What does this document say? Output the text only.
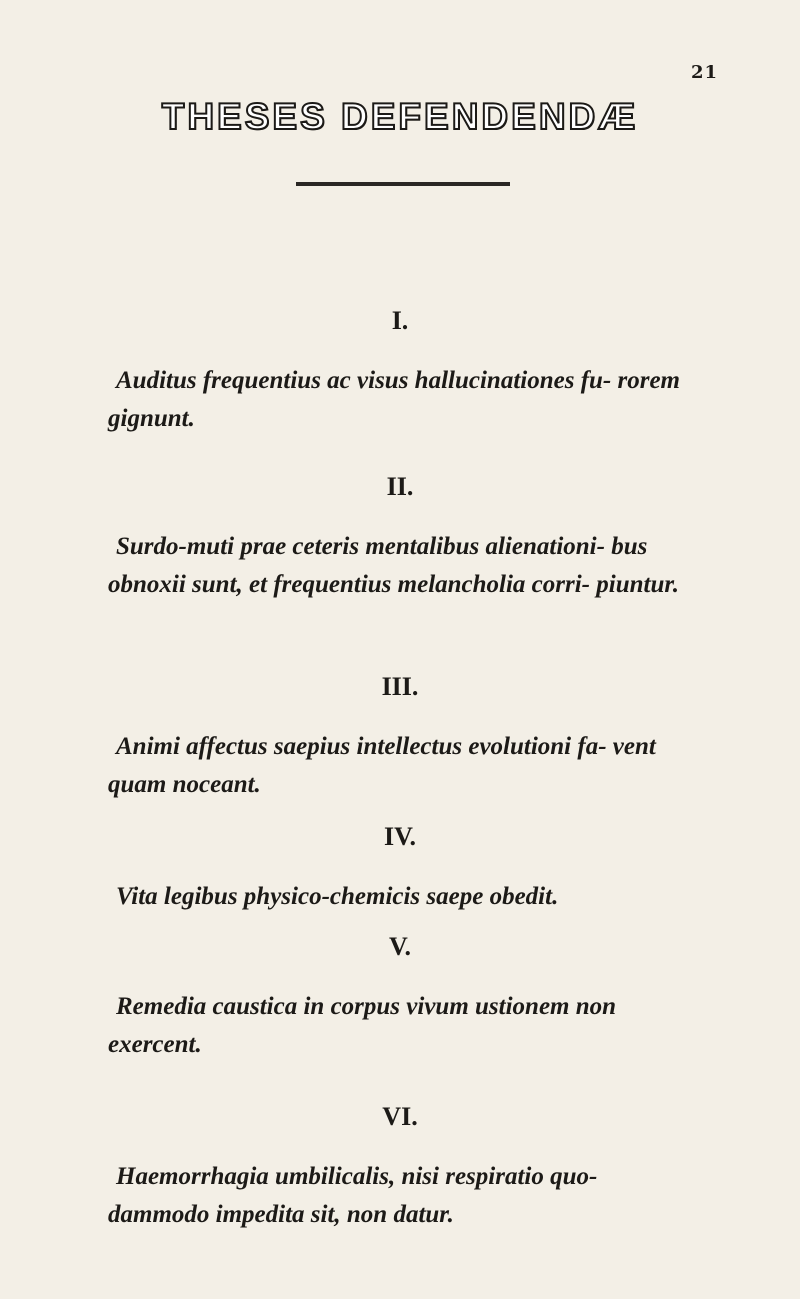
21
THESES DEFENDENDÆ

I.

Auditus frequentius ac visus hallucinationes fu- rorem gignunt.

II.

Surdo-muti prae ceteris mentalibus alienationi- bus obnoxii sunt, et frequentius melancholia corri- piuntur.

III.

Animi affectus saepius intellectus evolutioni fa- vent quam noceant.

IV.

Vita legibus physico-chemicis saepe obedit.

V.

Remedia caustica in corpus vivum ustionem non exercent.

VI.

Haemorrhagia umbilicalis, nisi respiratio quo- dammodo impedita sit, non datur.
